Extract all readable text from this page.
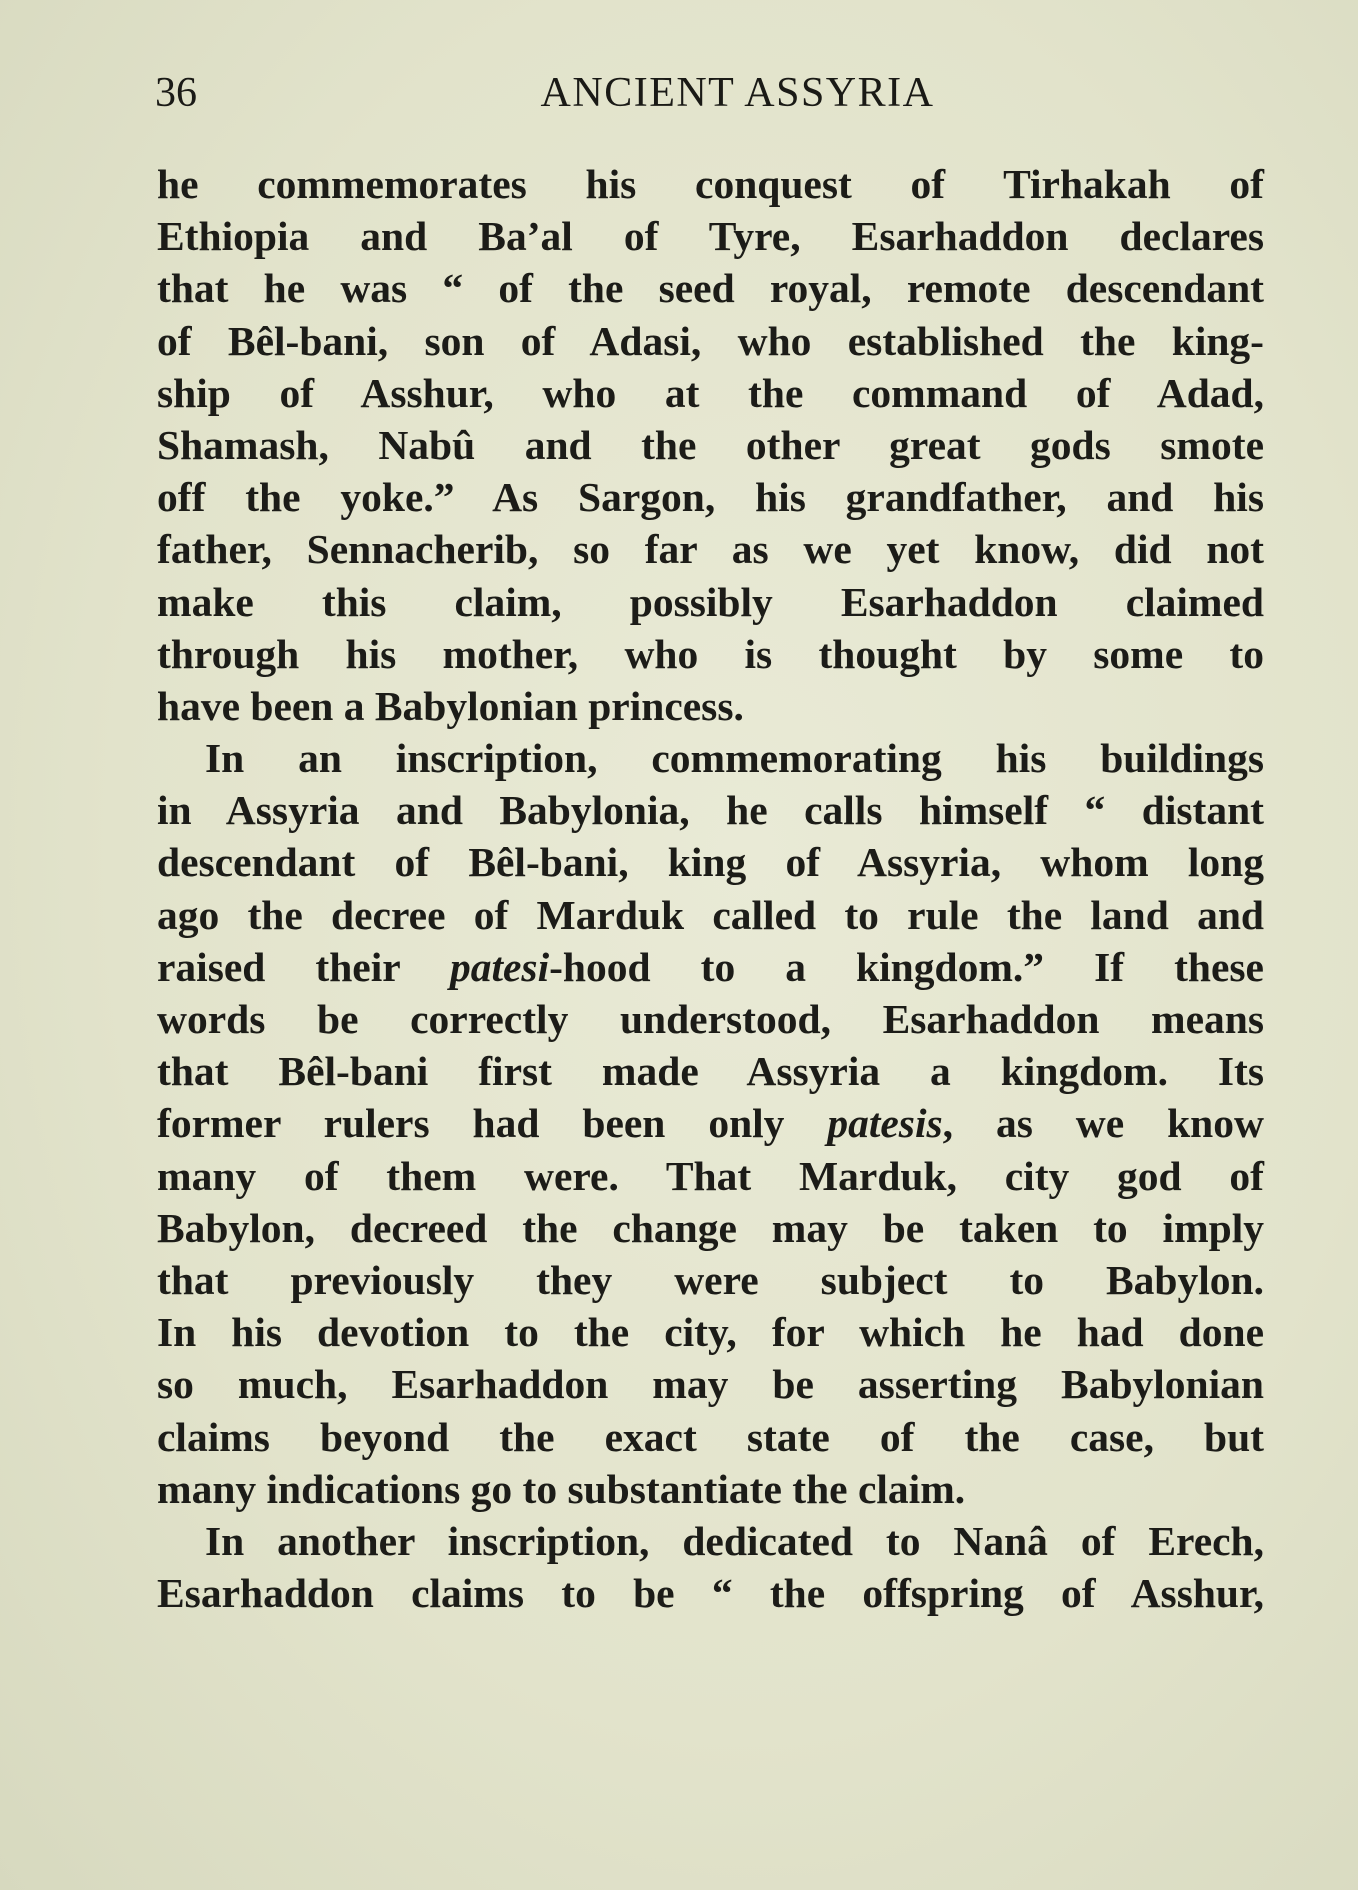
36	ANCIENT ASSYRIA
he commemorates his conquest of Tirhakah of
Ethiopia and Ba’al of Tyre, Esarhaddon declares
that he was “ of the seed royal, remote descendant
of Bêl-bani, son of Adasi, who established the king-
ship of Asshur, who at the command of Adad,
Shamash, Nabû and the other great gods smote
off the yoke.” As Sargon, his grandfather, and his
father, Sennacherib, so far as we yet know, did not
make this claim, possibly Esarhaddon claimed
through his mother, who is thought by some to
have been a Babylonian princess.
In an inscription, commemorating his buildings
in Assyria and Babylonia, he calls himself “ distant
descendant of Bêl-bani, king of Assyria, whom long
ago the decree of Marduk called to rule the land and
raised their patesi-hood to a kingdom.” If these
words be correctly understood, Esarhaddon means
that Bêl-bani first made Assyria a kingdom. Its
former rulers had been only patesis, as we know
many of them were. That Marduk, city god of
Babylon, decreed the change may be taken to imply
that previously they were subject to Babylon.
In his devotion to the city, for which he had done
so much, Esarhaddon may be asserting Babylonian
claims beyond the exact state of the case, but
many indications go to substantiate the claim.
In another inscription, dedicated to Nanâ of Erech,
Esarhaddon claims to be “ the offspring of Asshur,
